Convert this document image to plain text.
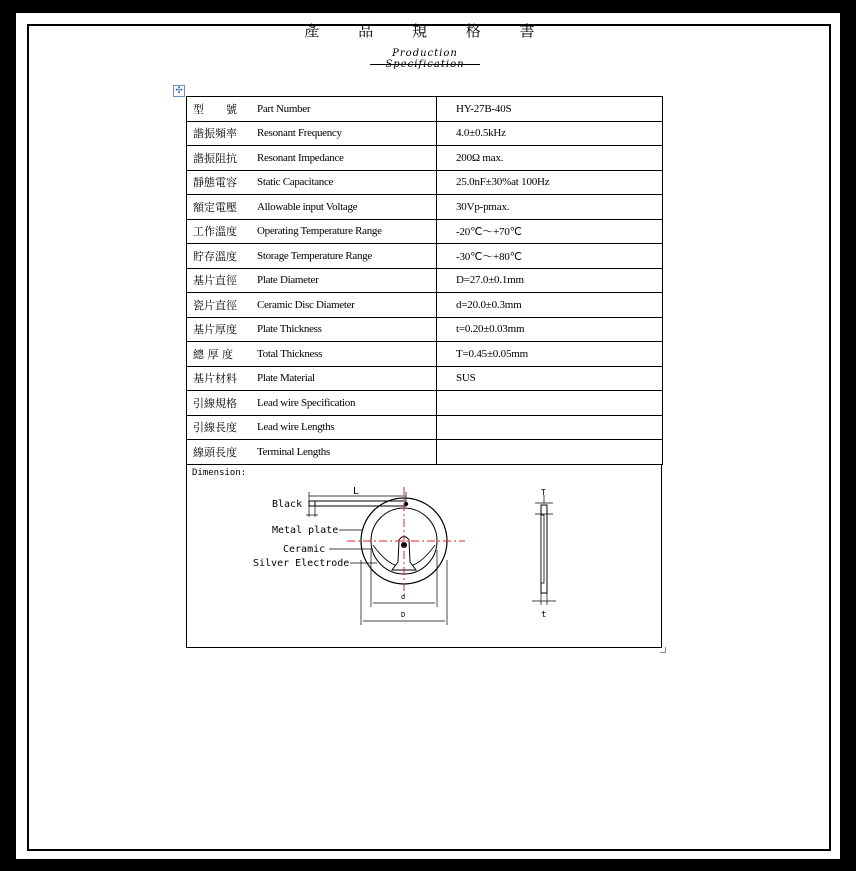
產 品 規 格 書
Production
✣
型　　號	Part Number	HY-27B-40S
諧振頻率	Resonant Frequency	4.0±0.5kHz
諧振阻抗	Resonant Impedance	200Ω max.
靜態電容	Static Capacitance	25.0nF±30%at 100Hz
額定電壓	Allowable input Voltage	30Vp-pmax.
工作溫度	Operating Temperature Range	-20℃～+70℃
貯存溫度	Storage Temperature Range	-30℃～+80℃
基片直徑	Plate Diameter	D=27.0±0.1mm
瓷片直徑	Ceramic Disc Diameter	d=20.0±0.3mm
基片厚度	Plate Thickness	t=0.20±0.03mm
總 厚 度	Total Thickness	T=0.45±0.05mm
基片材料	Plate Material	SUS
引線規格	Lead wire Specification	
引線長度	Lead wire Lengths	
線頭長度	Terminal Lengths	
Dimension:
L
Black
Metal plate
Ceramic
Silver Electrode
d
D
T
t
